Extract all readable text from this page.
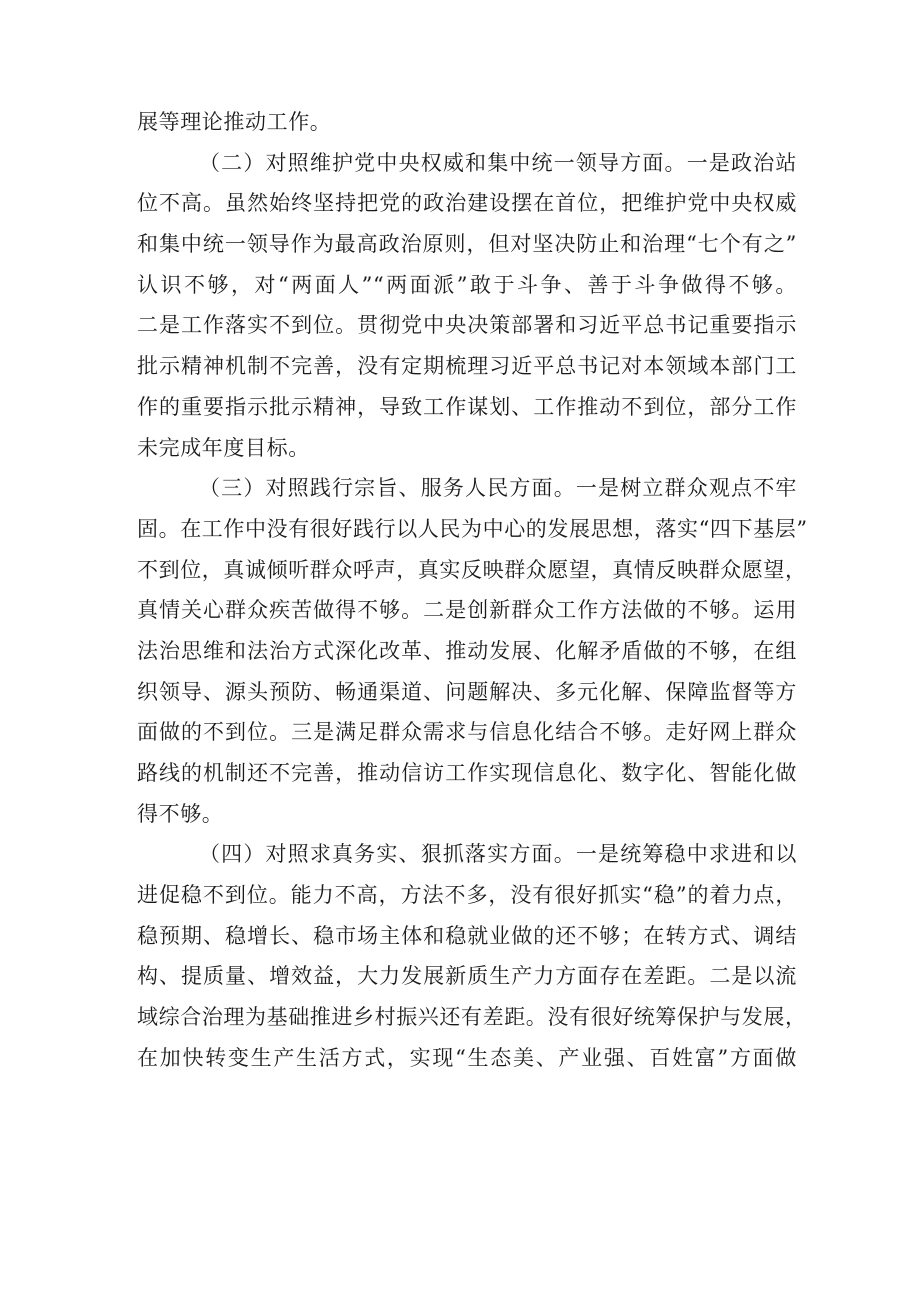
展等理论推动工作。
（二）对照维护党中央权威和集中统一领导方面。一是政治站
位不高。虽然始终坚持把党的政治建设摆在首位，把维护党中央权威
和集中统一领导作为最高政治原则，但对坚决防止和治理“七个有之”
认识不够，对“两面人”“两面派”敢于斗争、善于斗争做得不够。
二是工作落实不到位。贯彻党中央决策部署和习近平总书记重要指示
批示精神机制不完善，没有定期梳理习近平总书记对本领域本部门工
作的重要指示批示精神，导致工作谋划、工作推动不到位，部分工作
未完成年度目标。
（三）对照践行宗旨、服务人民方面。一是树立群众观点不牢
固。在工作中没有很好践行以人民为中心的发展思想，落实“四下基层”
不到位，真诚倾听群众呼声，真实反映群众愿望，真情反映群众愿望，
真情关心群众疾苦做得不够。二是创新群众工作方法做的不够。运用
法治思维和法治方式深化改革、推动发展、化解矛盾做的不够，在组
织领导、源头预防、畅通渠道、问题解决、多元化解、保障监督等方
面做的不到位。三是满足群众需求与信息化结合不够。走好网上群众
路线的机制还不完善，推动信访工作实现信息化、数字化、智能化做
得不够。
（四）对照求真务实、狠抓落实方面。一是统筹稳中求进和以
进促稳不到位。能力不高，方法不多，没有很好抓实“稳”的着力点，
稳预期、稳增长、稳市场主体和稳就业做的还不够；在转方式、调结
构、提质量、增效益，大力发展新质生产力方面存在差距。二是以流
域综合治理为基础推进乡村振兴还有差距。没有很好统筹保护与发展，
在加快转变生产生活方式，实现“生态美、产业强、百姓富”方面做
